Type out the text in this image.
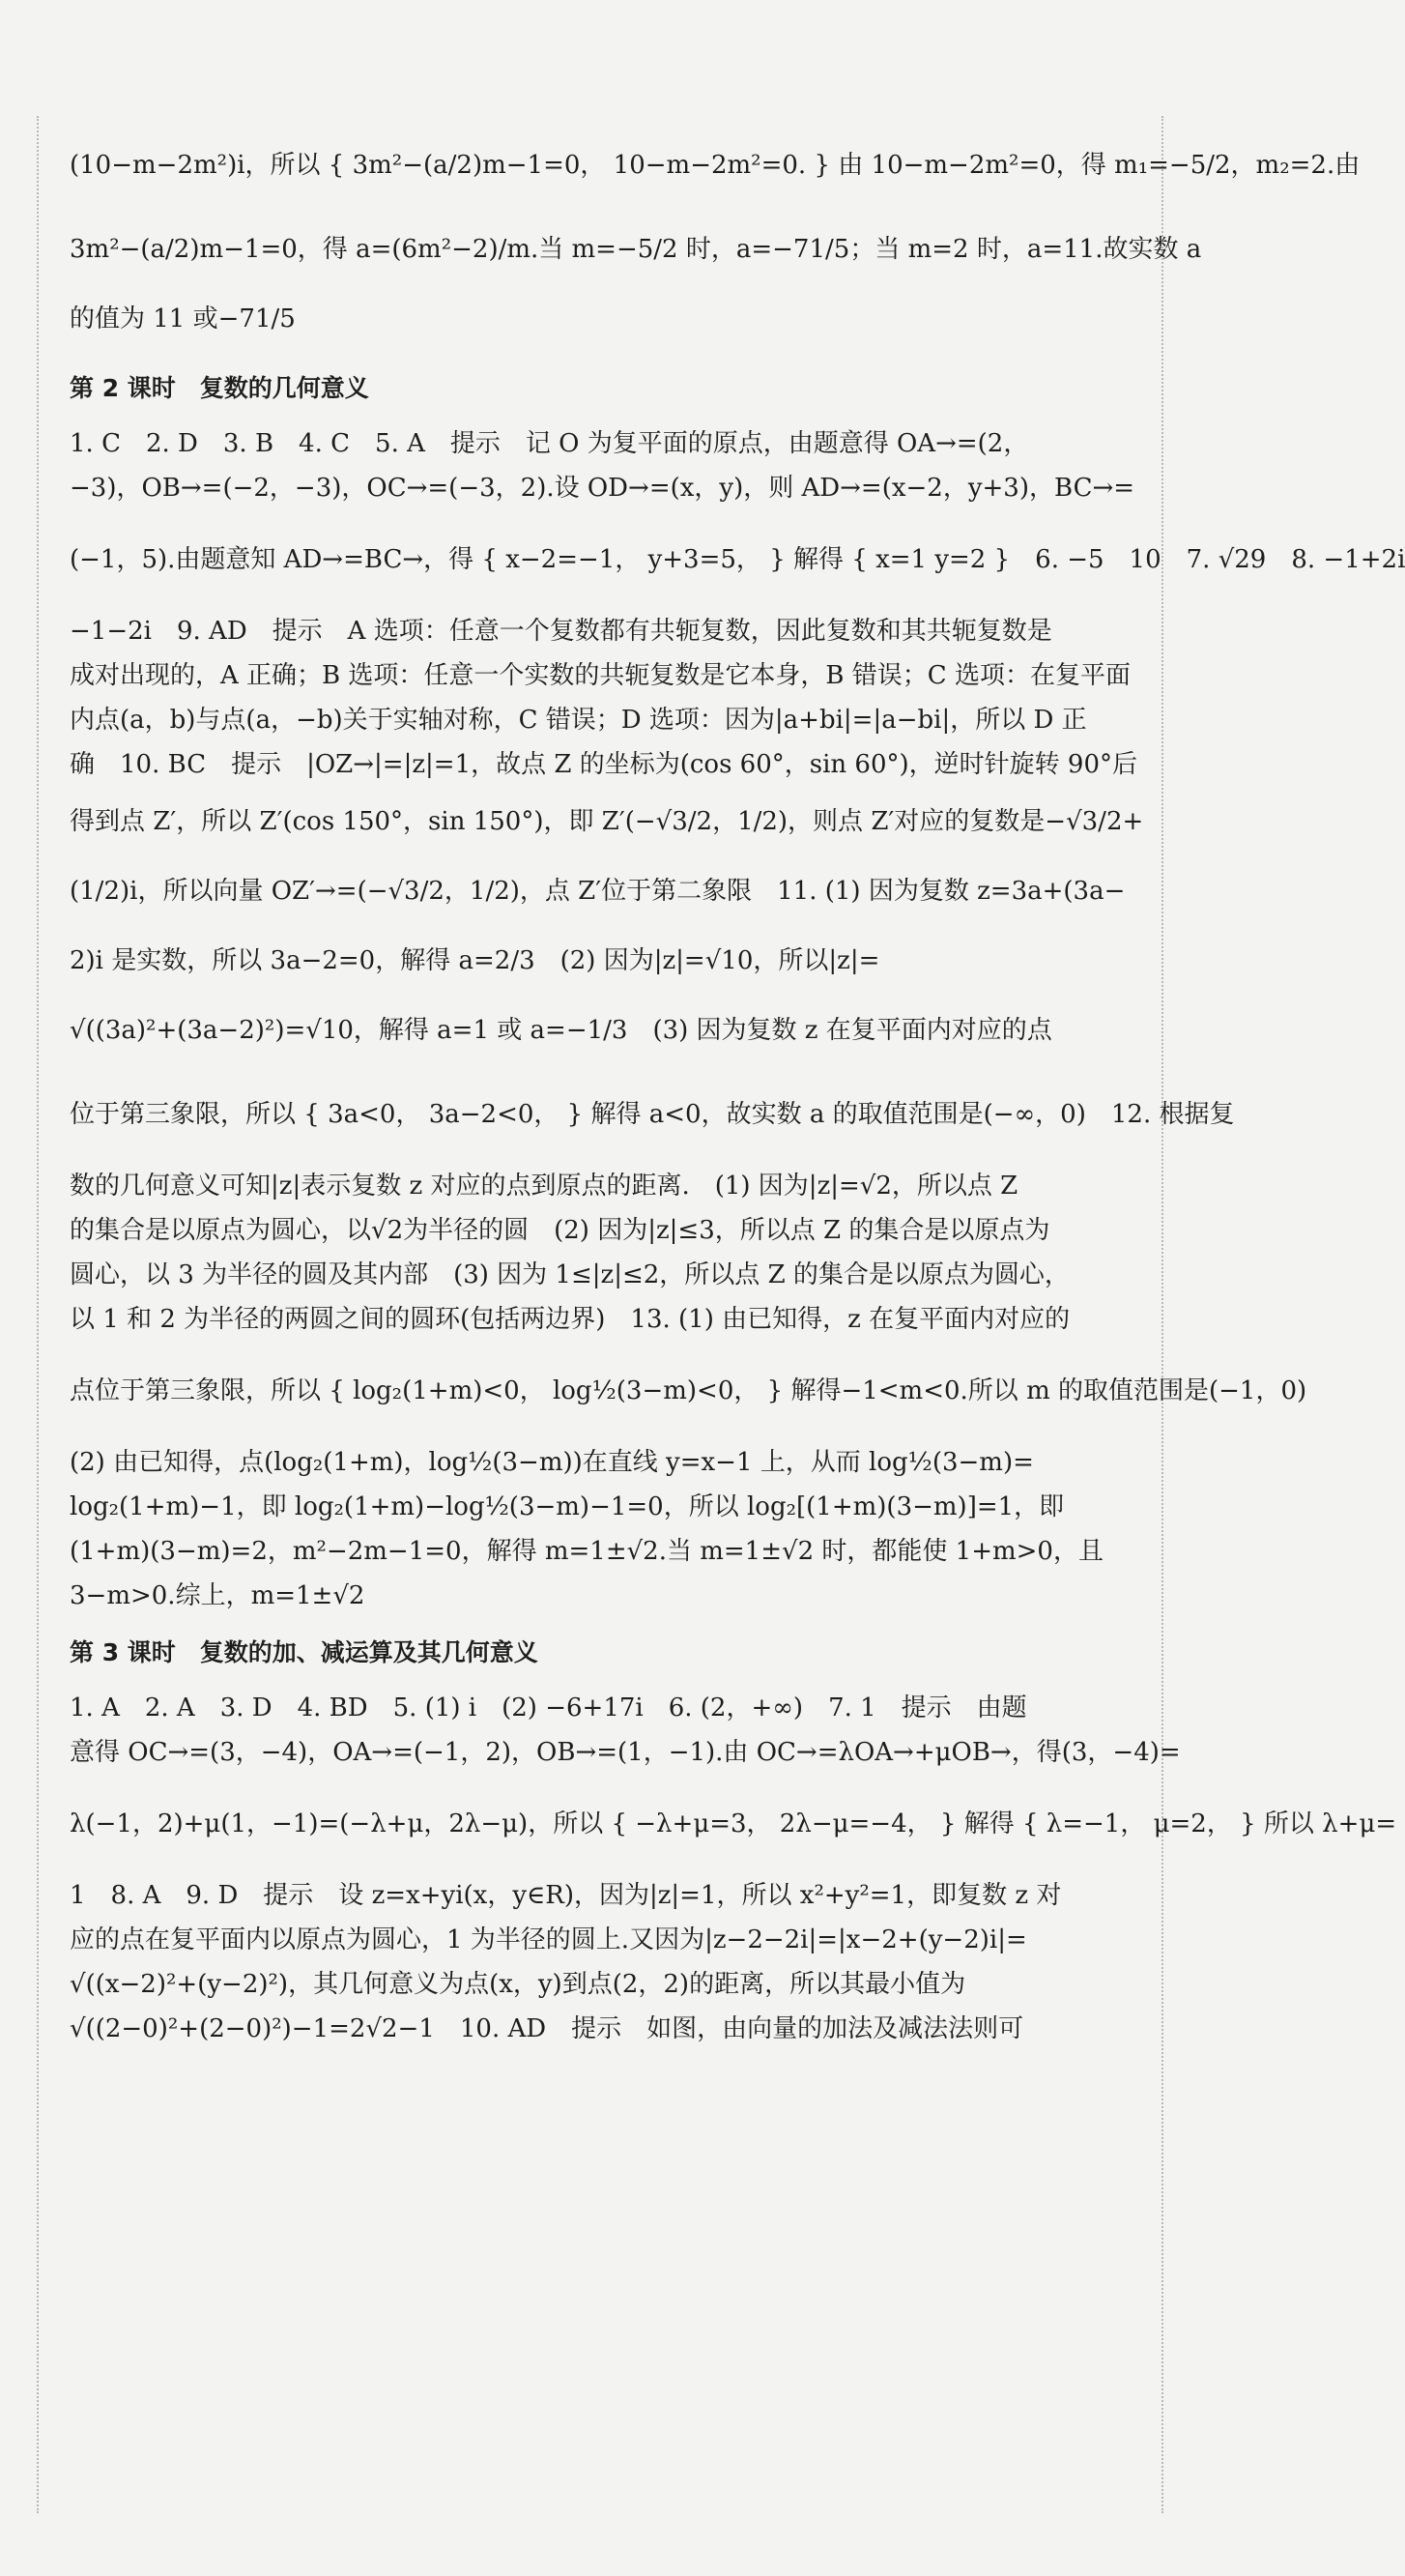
(10−m−2m²)i，所以 { 3m²−(a/2)m−1=0， 10−m−2m²=0. } 由 10−m−2m²=0，得 m₁=−5/2，m₂=2.由
3m²−(a/2)m−1=0，得 a=(6m²−2)/m.当 m=−5/2 时，a=−71/5；当 m=2 时，a=11.故实数 a
的值为 11 或−71/5
第 2 课时　复数的几何意义
1. C　2. D　3. B　4. C　5. A　提示　记 O 为复平面的原点，由题意得 OA→=(2，
−3)，OB→=(−2，−3)，OC→=(−3，2).设 OD→=(x，y)，则 AD→=(x−2，y+3)，BC→=
(−1，5).由题意知 AD→=BC→，得 { x−2=−1， y+3=5， } 解得 { x=1 y=2 }　6. −5　10　7. √29　8. −1+2i
−1−2i　9. AD　提示　A 选项：任意一个复数都有共轭复数，因此复数和其共轭复数是
成对出现的，A 正确；B 选项：任意一个实数的共轭复数是它本身，B 错误；C 选项：在复平面
内点(a，b)与点(a，−b)关于实轴对称，C 错误；D 选项：因为|a+bi|=|a−bi|，所以 D 正
确　10. BC　提示　|OZ→|=|z|=1，故点 Z 的坐标为(cos 60°，sin 60°)，逆时针旋转 90°后
得到点 Z′，所以 Z′(cos 150°，sin 150°)，即 Z′(−√3/2，1/2)，则点 Z′对应的复数是−√3/2+
(1/2)i，所以向量 OZ′→=(−√3/2，1/2)，点 Z′位于第二象限　11. (1) 因为复数 z=3a+(3a−
2)i 是实数，所以 3a−2=0，解得 a=2/3　(2) 因为|z|=√10，所以|z|=
√((3a)²+(3a−2)²)=√10，解得 a=1 或 a=−1/3　(3) 因为复数 z 在复平面内对应的点
位于第三象限，所以 { 3a<0， 3a−2<0， } 解得 a<0，故实数 a 的取值范围是(−∞，0)　12. 根据复
数的几何意义可知|z|表示复数 z 对应的点到原点的距离.　(1) 因为|z|=√2，所以点 Z
的集合是以原点为圆心，以√2为半径的圆　(2) 因为|z|≤3，所以点 Z 的集合是以原点为
圆心，以 3 为半径的圆及其内部　(3) 因为 1≤|z|≤2，所以点 Z 的集合是以原点为圆心，
以 1 和 2 为半径的两圆之间的圆环(包括两边界)　13. (1) 由已知得，z 在复平面内对应的
点位于第三象限，所以 { log₂(1+m)<0， log½(3−m)<0， } 解得−1<m<0.所以 m 的取值范围是(−1，0)
(2) 由已知得，点(log₂(1+m)，log½(3−m))在直线 y=x−1 上，从而 log½(3−m)=
log₂(1+m)−1，即 log₂(1+m)−log½(3−m)−1=0，所以 log₂[(1+m)(3−m)]=1，即
(1+m)(3−m)=2，m²−2m−1=0，解得 m=1±√2.当 m=1±√2 时，都能使 1+m>0，且
3−m>0.综上，m=1±√2
第 3 课时　复数的加、减运算及其几何意义
1. A　2. A　3. D　4. BD　5. (1) i　(2) −6+17i　6. (2，+∞)　7. 1　提示　由题
意得 OC→=(3，−4)，OA→=(−1，2)，OB→=(1，−1).由 OC→=λOA→+μOB→，得(3，−4)=
λ(−1，2)+μ(1，−1)=(−λ+μ，2λ−μ)，所以 { −λ+μ=3， 2λ−μ=−4， } 解得 { λ=−1， μ=2， } 所以 λ+μ=
1　8. A　9. D　提示　设 z=x+yi(x，y∈R)，因为|z|=1，所以 x²+y²=1，即复数 z 对
应的点在复平面内以原点为圆心，1 为半径的圆上.又因为|z−2−2i|=|x−2+(y−2)i|=
√((x−2)²+(y−2)²)，其几何意义为点(x，y)到点(2，2)的距离，所以其最小值为
√((2−0)²+(2−0)²)−1=2√2−1　10. AD　提示　如图，由向量的加法及减法法则可
